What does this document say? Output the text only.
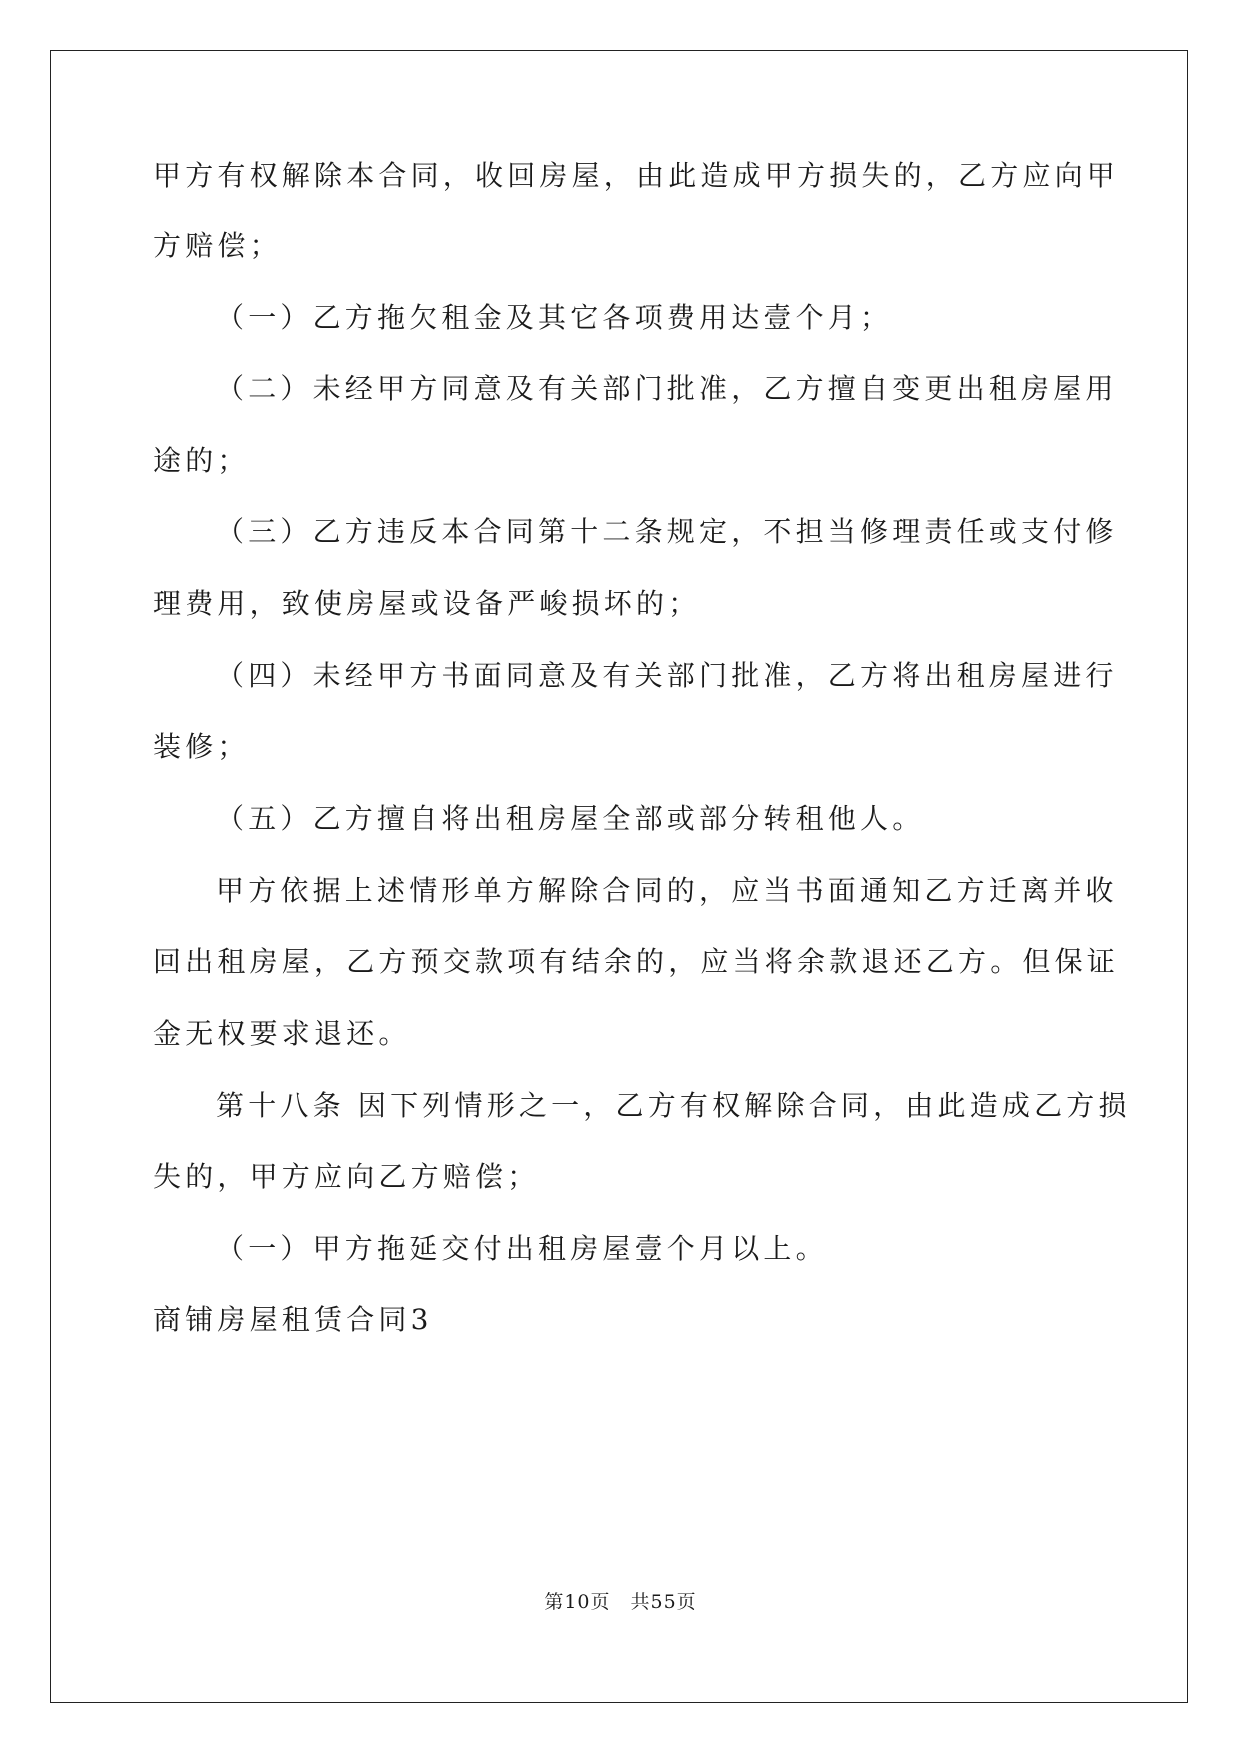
甲方有权解除本合同，收回房屋，由此造成甲方损失的，乙方应向甲
方赔偿；
（一）乙方拖欠租金及其它各项费用达壹个月；
（二）未经甲方同意及有关部门批准，乙方擅自变更出租房屋用
途的；
（三）乙方违反本合同第十二条规定，不担当修理责任或支付修
理费用，致使房屋或设备严峻损坏的；
（四）未经甲方书面同意及有关部门批准，乙方将出租房屋进行
装修；
（五）乙方擅自将出租房屋全部或部分转租他人。
甲方依据上述情形单方解除合同的，应当书面通知乙方迁离并收
回出租房屋，乙方预交款项有结余的，应当将余款退还乙方。但保证
金无权要求退还。
第十八条 因下列情形之一，乙方有权解除合同，由此造成乙方损
失的，甲方应向乙方赔偿；
（一）甲方拖延交付出租房屋壹个月以上。
商铺房屋租赁合同3
第10页　共55页
